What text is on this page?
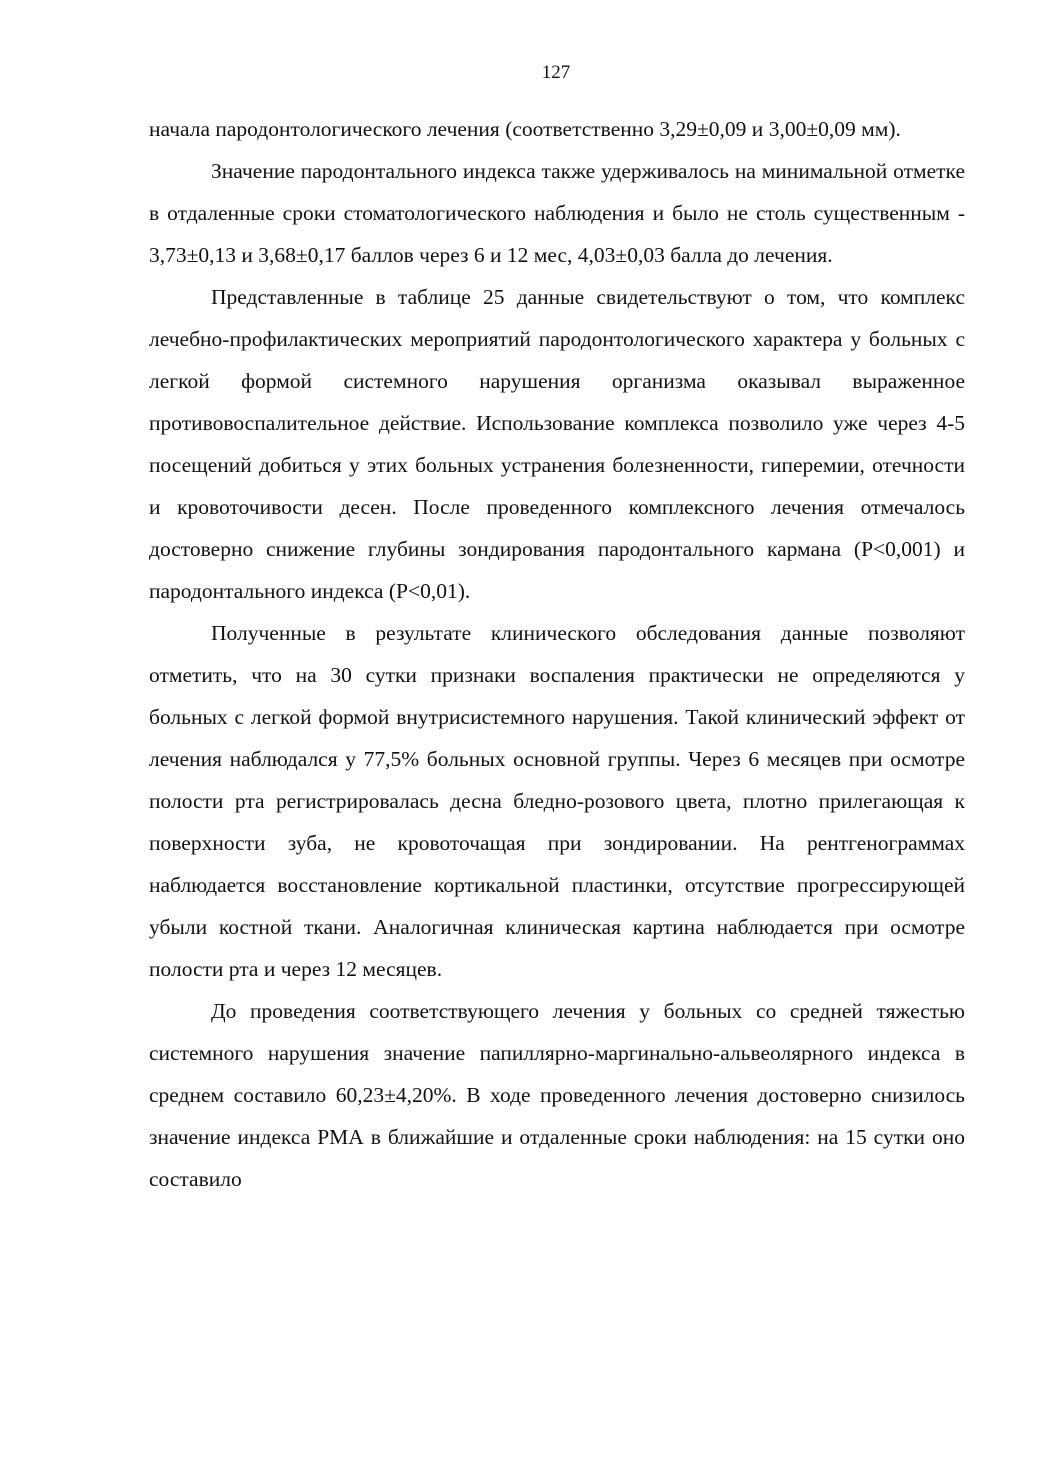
127

начала пародонтологического лечения (соответственно 3,29±0,09 и 3,00±0,09 мм).

Значение пародонтального индекса также удерживалось на минимальной отметке в отдаленные сроки стоматологического наблюдения и было не столь существенным - 3,73±0,13 и 3,68±0,17 баллов через 6 и 12 мес, 4,03±0,03 балла до лечения.

Представленные в таблице 25 данные свидетельствуют о том, что комплекс лечебно-профилактических мероприятий пародонтологического характера у больных с легкой формой системного нарушения организма оказывал выраженное противовоспалительное действие. Использование комплекса позволило уже через 4-5 посещений добиться у этих больных устранения болезненности, гиперемии, отечности и кровоточивости десен. После проведенного комплексного лечения отмечалось достоверно снижение глубины зондирования пародонтального кармана (Р<0,001) и пародонтального индекса (Р<0,01).

Полученные в результате клинического обследования данные позволяют отметить, что на 30 сутки признаки воспаления практически не определяются у больных с легкой формой внутрисистемного нарушения. Такой клинический эффект от лечения наблюдался у 77,5% больных основной группы. Через 6 месяцев при осмотре полости рта регистрировалась десна бледно-розового цвета, плотно прилегающая к поверхности зуба, не кровоточащая при зондировании. На рентгенограммах наблюдается восстановление кортикальной пластинки, отсутствие прогрессирующей убыли костной ткани. Аналогичная клиническая картина наблюдается при осмотре полости рта и через 12 месяцев.

До проведения соответствующего лечения у больных со средней тяжестью системного нарушения значение папиллярно-маргинально-альвеолярного индекса в среднем составило 60,23±4,20%. В ходе проведенного лечения достоверно снизилось значение индекса РМА в ближайшие и отдаленные сроки наблюдения: на 15 сутки оно составило
